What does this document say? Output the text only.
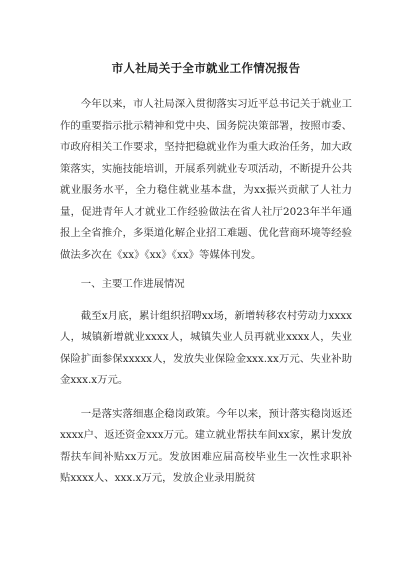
市人社局关于全市就业工作情况报告

今年以来，市人社局深入贯彻落实习近平总书记关于就业工作的重要指示批示精神和党中央、国务院决策部署，按照市委、市政府相关工作要求，坚持把稳就业作为重大政治任务，加大政策落实，实施技能培训，开展系列就业专项活动，不断提升公共就业服务水平，全力稳住就业基本盘，为xx振兴贡献了人社力量，促进青年人才就业工作经验做法在省人社厅2023年半年通报上全省推介，多渠道化解企业招工难题、优化营商环境等经验做法多次在《xx》《xx》《xx》等媒体刊发。

一、主要工作进展情况

截至x月底，累计组织招聘xx场，新增转移农村劳动力xxxx人，城镇新增就业xxxx人，城镇失业人员再就业xxxx人，失业保险扩面参保xxxxx人，发放失业保险金xxx.xx万元、失业补助金xxx.x万元。

一是落实落细惠企稳岗政策。今年以来，预计落实稳岗返还xxxx户、返还资金xxx万元。建立就业帮扶车间xx家，累计发放帮扶车间补贴xx万元。发放困难应届高校毕业生一次性求职补贴xxxx人、xxx.x万元，发放企业录用脱贫
